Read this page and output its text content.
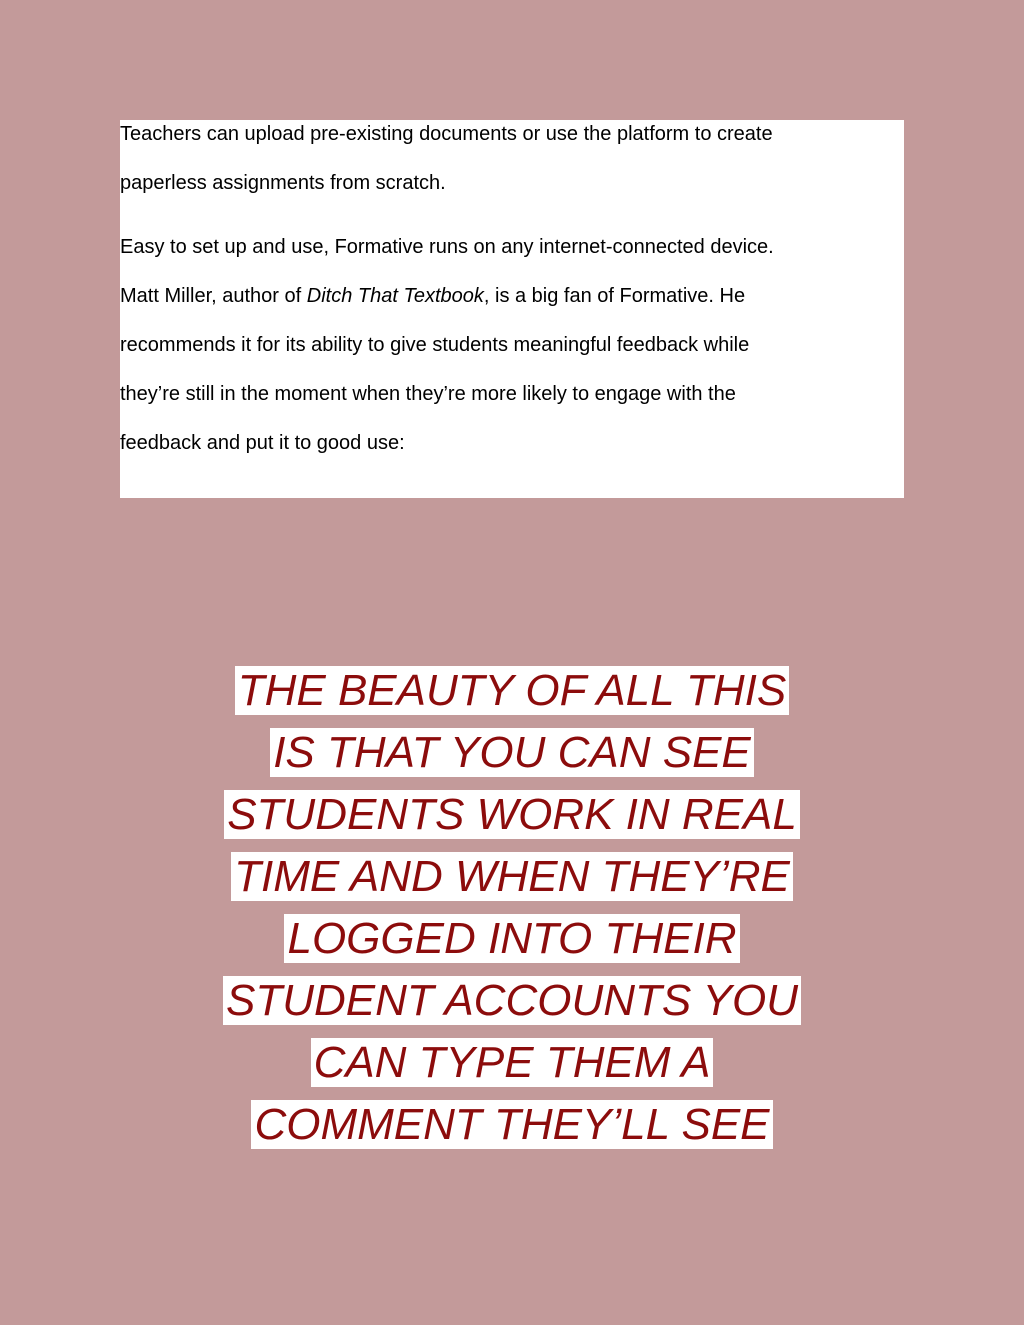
Teachers can upload pre-existing documents or use the platform to create

paperless assignments from scratch.

Easy to set up and use, Formative runs on any internet-connected device.

Matt Miller, author of Ditch That Textbook, is a big fan of Formative. He

recommends it for its ability to give students meaningful feedback while

they’re still in the moment when they’re more likely to engage with the

feedback and put it to good use:

THE BEAUTY OF ALL THIS
IS THAT YOU CAN SEE
STUDENTS WORK IN REAL
TIME AND WHEN THEY’RE
LOGGED INTO THEIR
STUDENT ACCOUNTS YOU
CAN TYPE THEM A
COMMENT THEY’LL SEE
